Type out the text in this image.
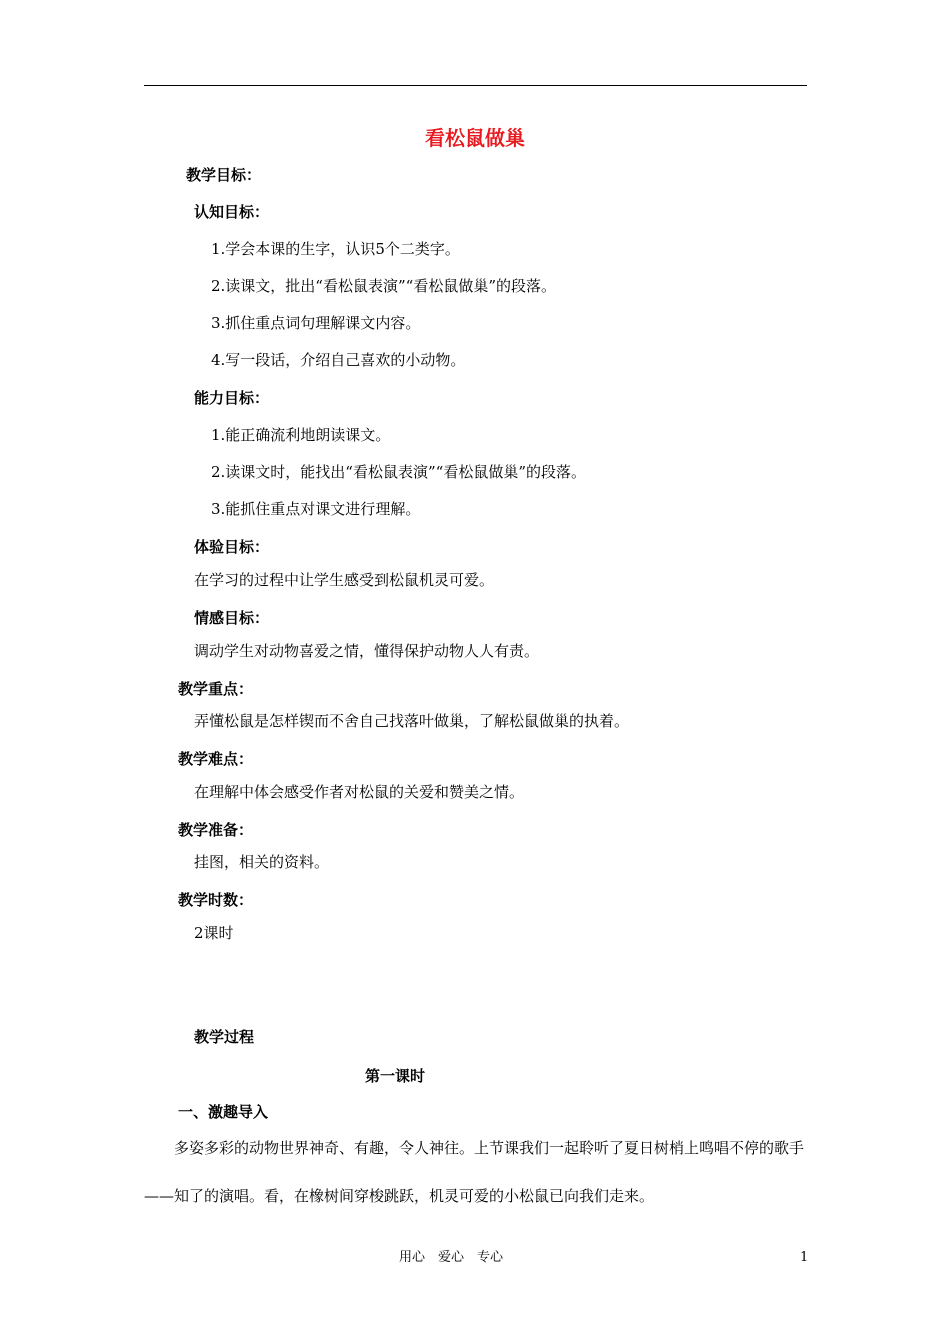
看松鼠做巢
教学目标：
认知目标：
1.学会本课的生字，认识5个二类字。
2.读课文，批出“看松鼠表演”“看松鼠做巢”的段落。
3.抓住重点词句理解课文内容。
4.写一段话，介绍自己喜欢的小动物。
能力目标：
1.能正确流利地朗读课文。
2.读课文时，能找出“看松鼠表演”“看松鼠做巢”的段落。
3.能抓住重点对课文进行理解。
体验目标：
在学习的过程中让学生感受到松鼠机灵可爱。
情感目标：
调动学生对动物喜爱之情，懂得保护动物人人有责。
教学重点：
弄懂松鼠是怎样锲而不舍自己找落叶做巢，了解松鼠做巢的执着。
教学难点：
在理解中体会感受作者对松鼠的关爱和赞美之情。
教学准备：
挂图，相关的资料。
教学时数：
2课时
教学过程
第一课时
一、激趣导入
多姿多彩的动物世界神奇、有趣，令人神往。上节课我们一起聆听了夏日树梢上鸣唱不停的歌手——知了的演唱。看，在橡树间穿梭跳跃，机灵可爱的小松鼠已向我们走来。
用心　爱心　专心	1
